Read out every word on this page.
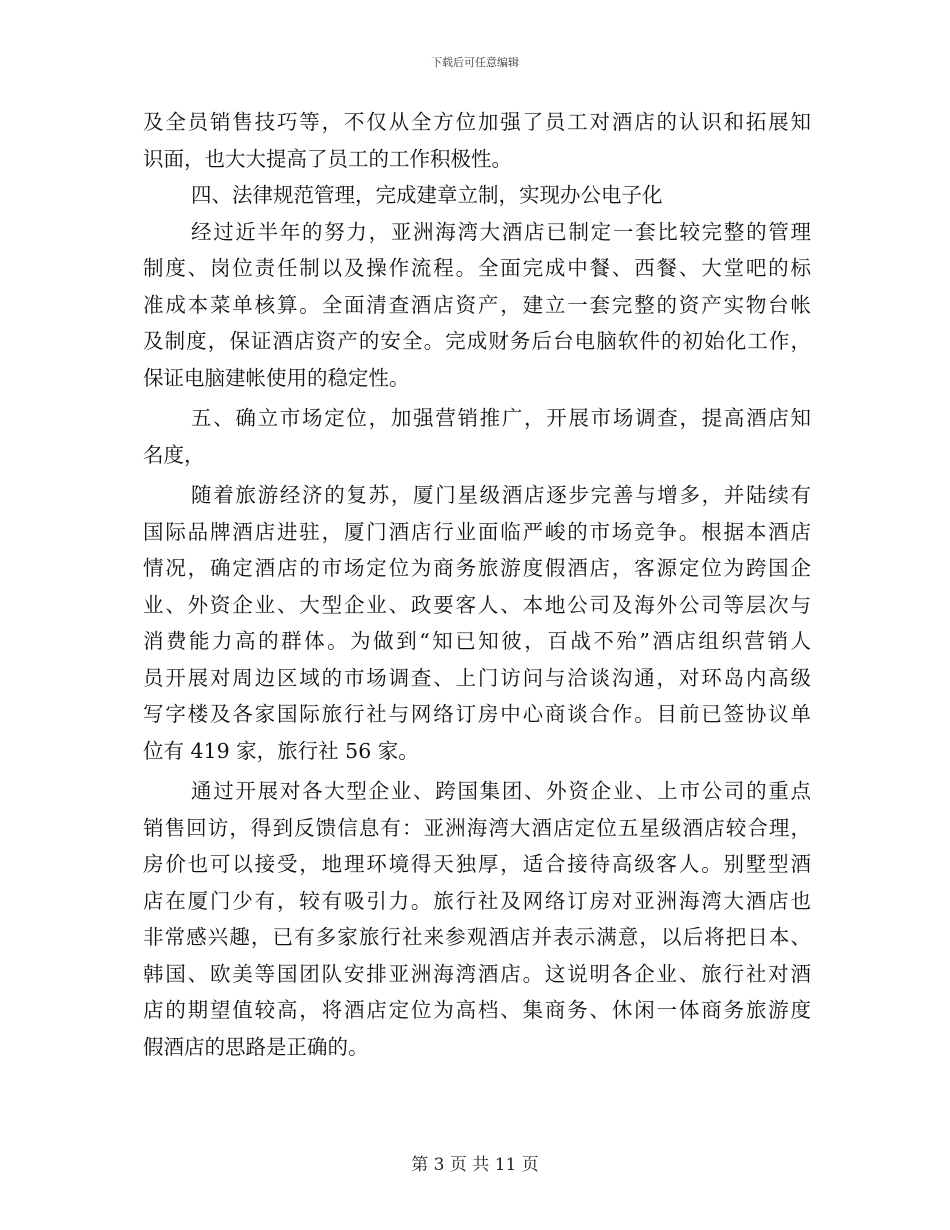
下载后可任意编辑
及全员销售技巧等，不仅从全方位加强了员工对酒店的认识和拓展知
识面，也大大提高了员工的工作积极性。
四、法律规范管理，完成建章立制，实现办公电子化
经过近半年的努力，亚洲海湾大酒店已制定一套比较完整的管理
制度、岗位责任制以及操作流程。全面完成中餐、西餐、大堂吧的标
准成本菜单核算。全面清查酒店资产，建立一套完整的资产实物台帐
及制度，保证酒店资产的安全。完成财务后台电脑软件的初始化工作，
保证电脑建帐使用的稳定性。
五、确立市场定位，加强营销推广，开展市场调查，提高酒店知
名度，
随着旅游经济的复苏，厦门星级酒店逐步完善与增多，并陆续有
国际品牌酒店进驻，厦门酒店行业面临严峻的市场竞争。根据本酒店
情况，确定酒店的市场定位为商务旅游度假酒店，客源定位为跨国企
业、外资企业、大型企业、政要客人、本地公司及海外公司等层次与
消费能力高的群体。为做到“知已知彼，百战不殆”酒店组织营销人
员开展对周边区域的市场调查、上门访问与洽谈沟通，对环岛内高级
写字楼及各家国际旅行社与网络订房中心商谈合作。目前已签协议单
位有 419 家，旅行社 56 家。
通过开展对各大型企业、跨国集团、外资企业、上市公司的重点
销售回访，得到反馈信息有：亚洲海湾大酒店定位五星级酒店较合理，
房价也可以接受，地理环境得天独厚，适合接待高级客人。别墅型酒
店在厦门少有，较有吸引力。旅行社及网络订房对亚洲海湾大酒店也
非常感兴趣，已有多家旅行社来参观酒店并表示满意，以后将把日本、
韩国、欧美等国团队安排亚洲海湾酒店。这说明各企业、旅行社对酒
店的期望值较高，将酒店定位为高档、集商务、休闲一体商务旅游度
假酒店的思路是正确的。
第 3 页 共 11 页
